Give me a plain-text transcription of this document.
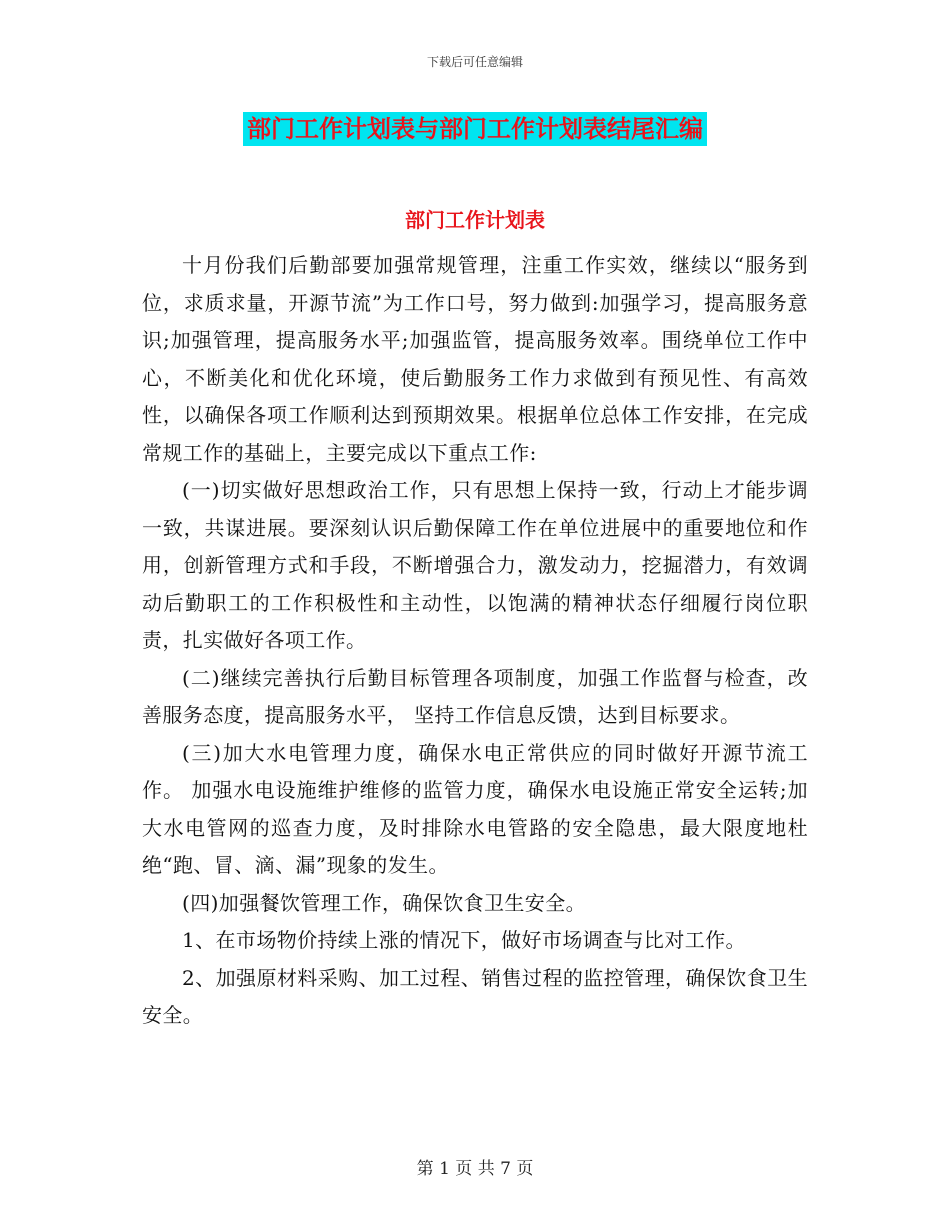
下载后可任意编辑
部门工作计划表与部门工作计划表结尾汇编
部门工作计划表

十月份我们后勤部要加强常规管理，注重工作实效，继续以“服务到位，求质求量，开源节流”为工作口号，努力做到:加强学习，提高服务意识;加强管理，提高服务水平;加强监管，提高服务效率。围绕单位工作中心，不断美化和优化环境，使后勤服务工作力求做到有预见性、有高效性，以确保各项工作顺利达到预期效果。根据单位总体工作安排，在完成常规工作的基础上，主要完成以下重点工作:

(一)切实做好思想政治工作，只有思想上保持一致，行动上才能步调一致，共谋进展。要深刻认识后勤保障工作在单位进展中的重要地位和作用，创新管理方式和手段，不断增强合力，激发动力，挖掘潜力，有效调动后勤职工的工作积极性和主动性，以饱满的精神状态仔细履行岗位职责，扎实做好各项工作。

(二)继续完善执行后勤目标管理各项制度，加强工作监督与检查，改善服务态度，提高服务水平， 坚持工作信息反馈，达到目标要求。

(三)加大水电管理力度，确保水电正常供应的同时做好开源节流工作。 加强水电设施维护维修的监管力度，确保水电设施正常安全运转;加大水电管网的巡查力度，及时排除水电管路的安全隐患，最大限度地杜绝“跑、冒、滴、漏”现象的发生。

(四)加强餐饮管理工作，确保饮食卫生安全。

1、在市场物价持续上涨的情况下，做好市场调查与比对工作。

2、加强原材料采购、加工过程、销售过程的监控管理，确保饮食卫生安全。

第 1 页 共 7 页
